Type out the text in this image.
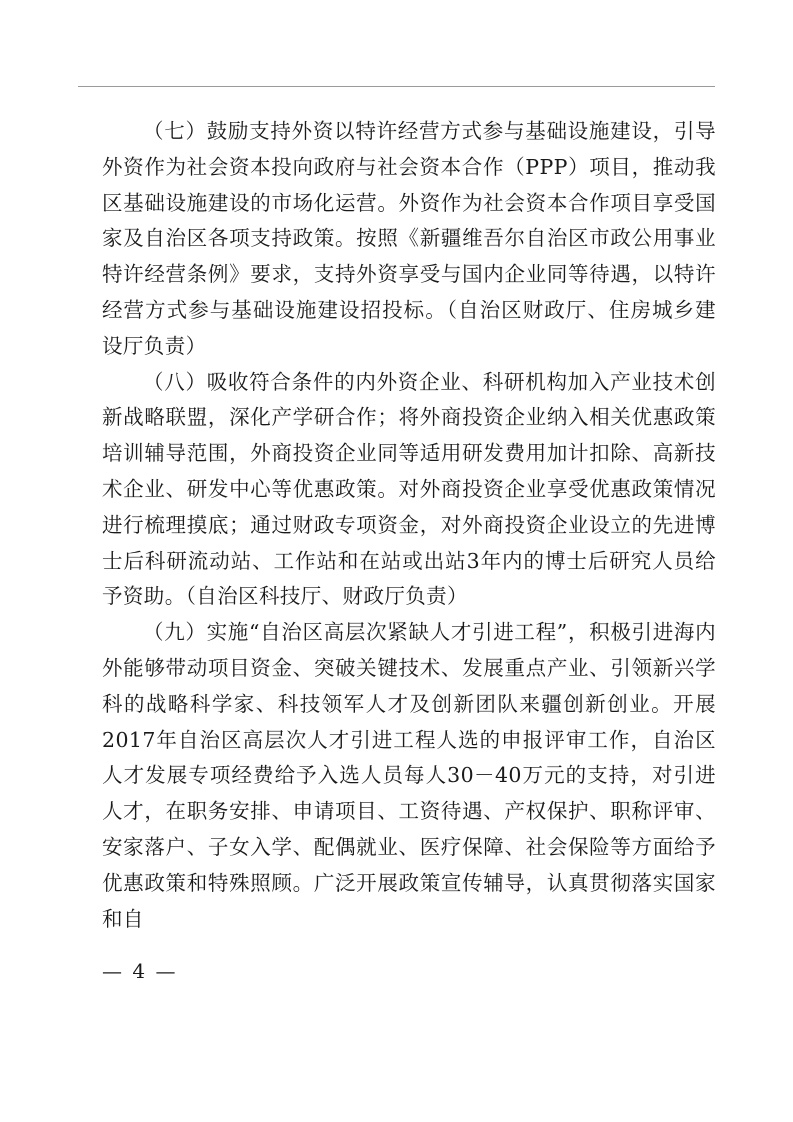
（七）鼓励支持外资以特许经营方式参与基础设施建设，引导外资作为社会资本投向政府与社会资本合作（PPP）项目，推动我区基础设施建设的市场化运营。外资作为社会资本合作项目享受国家及自治区各项支持政策。按照《新疆维吾尔自治区市政公用事业特许经营条例》要求，支持外资享受与国内企业同等待遇，以特许经营方式参与基础设施建设招投标。（自治区财政厅、住房城乡建设厅负责）

（八）吸收符合条件的内外资企业、科研机构加入产业技术创新战略联盟，深化产学研合作；将外商投资企业纳入相关优惠政策培训辅导范围，外商投资企业同等适用研发费用加计扣除、高新技术企业、研发中心等优惠政策。对外商投资企业享受优惠政策情况进行梳理摸底；通过财政专项资金，对外商投资企业设立的先进博士后科研流动站、工作站和在站或出站3年内的博士后研究人员给予资助。（自治区科技厅、财政厅负责）

（九）实施“自治区高层次紧缺人才引进工程”，积极引进海内外能够带动项目资金、突破关键技术、发展重点产业、引领新兴学科的战略科学家、科技领军人才及创新团队来疆创新创业。开展2017年自治区高层次人才引进工程人选的申报评审工作，自治区人才发展专项经费给予入选人员每人30－40万元的支持，对引进人才，在职务安排、申请项目、工资待遇、产权保护、职称评审、安家落户、子女入学、配偶就业、医疗保障、社会保险等方面给予优惠政策和特殊照顾。广泛开展政策宣传辅导，认真贯彻落实国家和自

— 4 —
